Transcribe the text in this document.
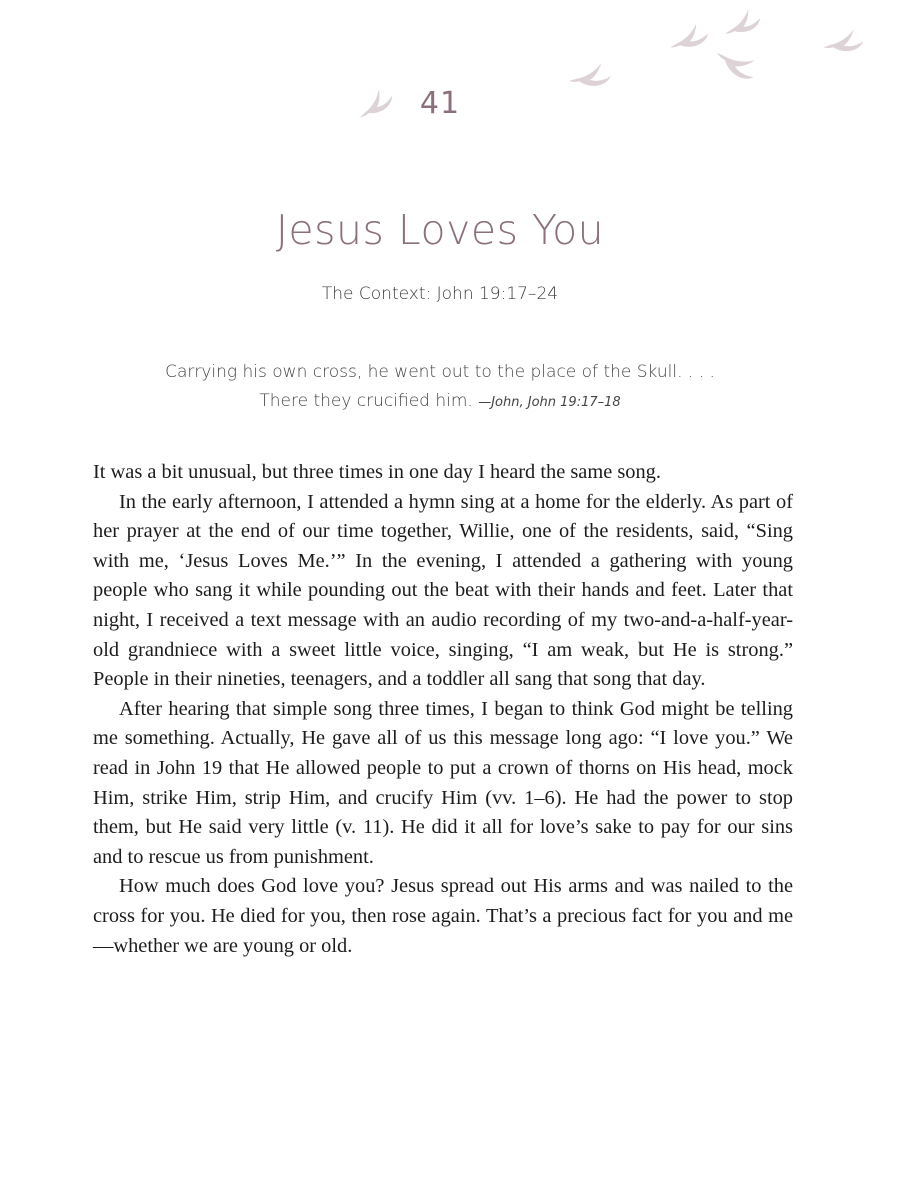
41
Jesus Loves You
The Context: John 19:17–24
Carrying his own cross, he went out to the place of the Skull. . . .
There they crucified him. —John, John 19:17–18

It was a bit unusual, but three times in one day I heard the same song.

In the early afternoon, I attended a hymn sing at a home for the elderly. As part of her prayer at the end of our time together, Willie, one of the residents, said, “Sing with me, ‘Jesus Loves Me.’” In the evening, I attended a gathering with young people who sang it while pounding out the beat with their hands and feet. Later that night, I received a text message with an audio recording of my two-and-a-half-year-old grandniece with a sweet little voice, singing, “I am weak, but He is strong.” People in their nineties, teenagers, and a toddler all sang that song that day.

After hearing that simple song three times, I began to think God might be telling me something. Actually, He gave all of us this message long ago: “I love you.” We read in John 19 that He allowed people to put a crown of thorns on His head, mock Him, strike Him, strip Him, and crucify Him (vv. 1–6). He had the power to stop them, but He said very little (v. 11). He did it all for love’s sake to pay for our sins and to rescue us from punishment.

How much does God love you? Jesus spread out His arms and was nailed to the cross for you. He died for you, then rose again. That’s a precious fact for you and me—whether we are young or old.
